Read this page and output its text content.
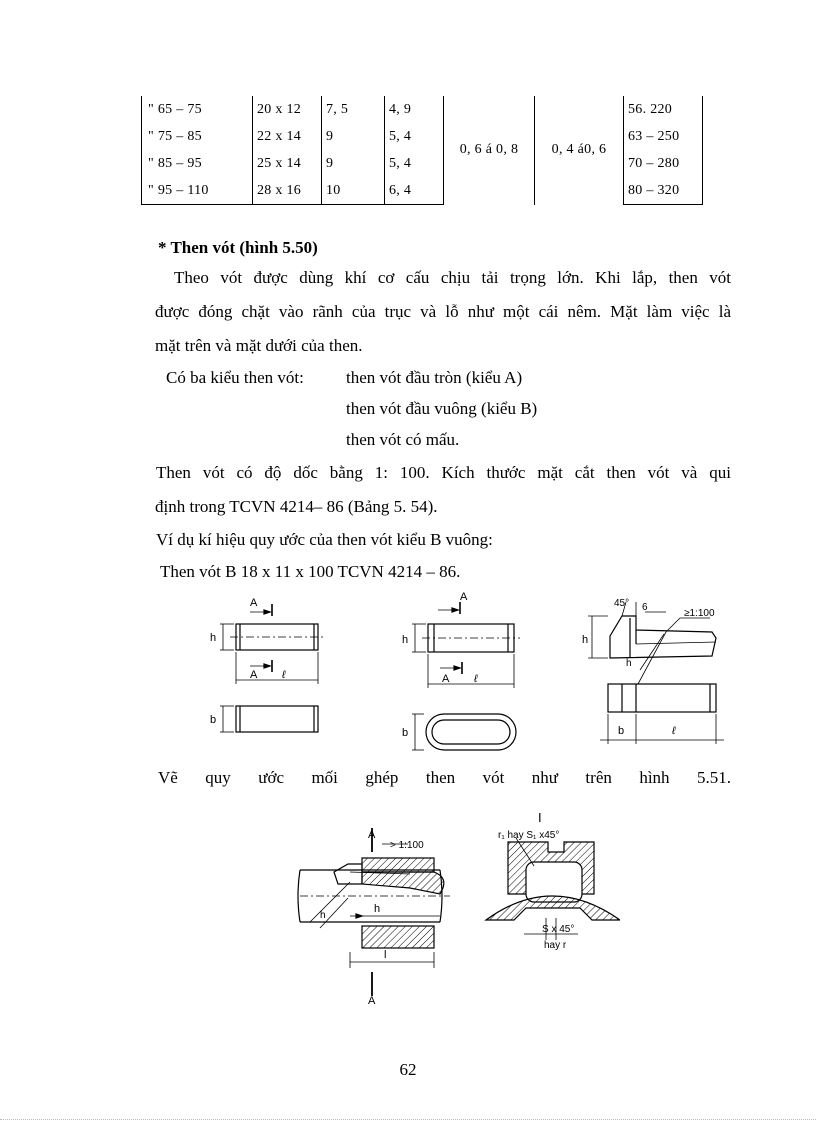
" 65 – 75	20 x 12	7, 5	4, 9	0, 6 á 0, 8	0, 4 á0, 6	56. 220
" 75 – 85	22 x 14	9	5, 4			63 – 250
" 85 – 95	25 x 14	9	5, 4			70 – 280
" 95 – 110	28 x 16	10	6, 4			80 – 320
* Then vót (hình 5.50)
Theo vót được dùng khí cơ cấu chịu tải trọng lớn. Khi lắp, then vót
được đóng chặt vào rãnh của trục và lỗ như một cái nêm. Mặt làm việc là
mặt trên và mặt dưới của then.
Có ba kiểu then vót: then vót đầu tròn (kiểu A)
then vót đầu vuông (kiểu B)
then vót có mấu.
Then vót có độ dốc bằng 1: 100. Kích thước mặt cắt then vót và qui
định trong TCVN 4214– 86 (Bảng 5. 54).
Ví dụ kí hiệu quy ước của then vót kiểu B vuông:
Then vót B 18 x 11 x 100 TCVN 4214 – 86.
A
A ℓ
h
b
A
A ℓ
h
b
45° 6
≥1:100
h
h
b	ℓ
Vẽ quy ước mối ghép then vót như trên hình 5.51.
A
A
> 1:100
h
h
l
I
r₁ hay S₁ x45°
S x 45°
hay r
62
